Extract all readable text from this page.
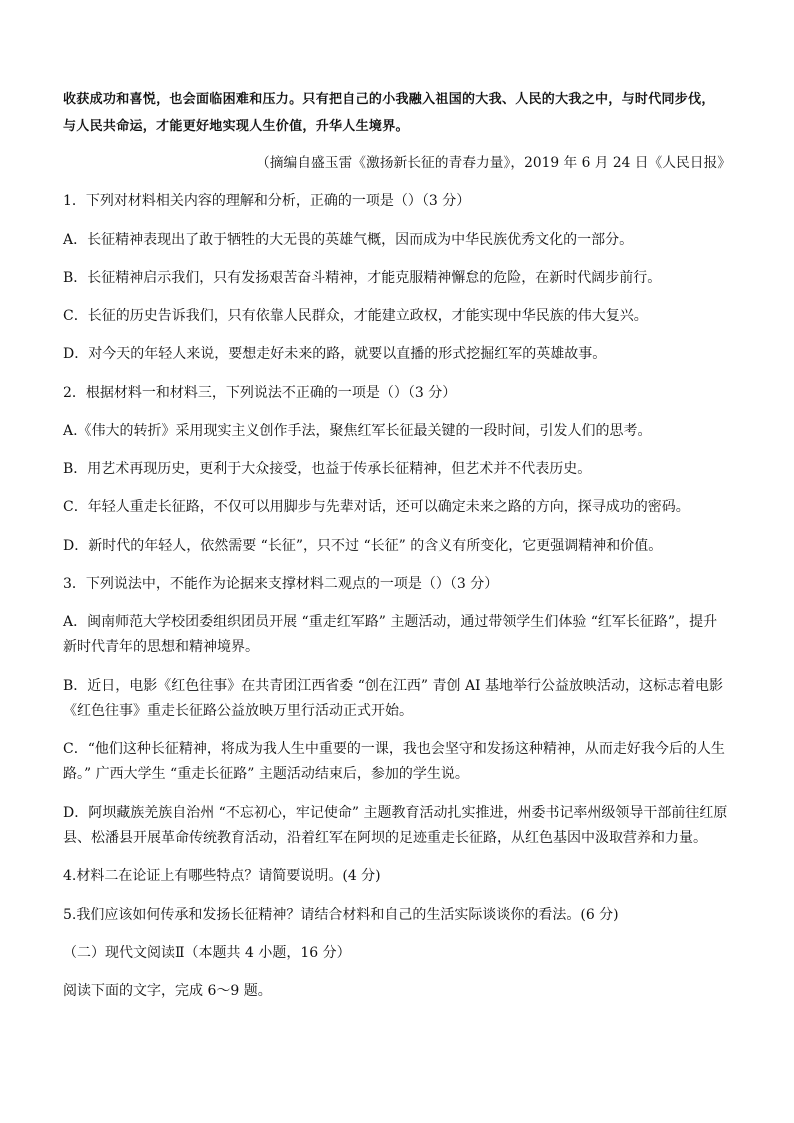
收获成功和喜悦，也会面临困难和压力。只有把自己的小我融入祖国的大我、人民的大我之中，与时代同步伐，
与人民共命运，才能更好地实现人生价值，升华人生境界。
（摘编自盛玉雷《激扬新长征的青春力量》，2019 年 6 月 24 日《人民日报》
1．下列对材料相关内容的理解和分析，正确的一项是（）（3 分）
A．长征精神表现出了敢于牺牲的大无畏的英雄气概，因而成为中华民族优秀文化的一部分。
B．长征精神启示我们，只有发扬艰苦奋斗精神，才能克服精神懈怠的危险，在新时代阔步前行。
C．长征的历史告诉我们，只有依靠人民群众，才能建立政权，才能实现中华民族的伟大复兴。
D．对今天的年轻人来说，要想走好未来的路，就要以直播的形式挖掘红军的英雄故事。
2．根据材料一和材料三，下列说法不正确的一项是（）（3 分）
A.《伟大的转折》采用现实主义创作手法，聚焦红军长征最关键的一段时间，引发人们的思考。
B．用艺术再现历史，更利于大众接受，也益于传承长征精神，但艺术并不代表历史。
C．年轻人重走长征路，不仅可以用脚步与先辈对话，还可以确定未来之路的方向，探寻成功的密码。
D．新时代的年轻人，依然需要 “长征”，只不过 “长征” 的含义有所变化，它更强调精神和价值。
3．下列说法中，不能作为论据来支撑材料二观点的一项是（）（3 分）
A．闽南师范大学校团委组织团员开展 “重走红军路” 主题活动，通过带领学生们体验 “红军长征路”，提升
新时代青年的思想和精神境界。
B．近日，电影《红色往事》在共青团江西省委 “创在江西” 青创 AI 基地举行公益放映活动，这标志着电影
《红色往事》重走长征路公益放映万里行活动正式开始。
C．“他们这种长征精神，将成为我人生中重要的一课，我也会坚守和发扬这种精神，从而走好我今后的人生
路。” 广西大学生 “重走长征路” 主题活动结束后，参加的学生说。
D．阿坝藏族羌族自治州 “不忘初心，牢记使命” 主题教育活动扎实推进，州委书记率州级领导干部前往红原
县、松潘县开展革命传统教育活动，沿着红军在阿坝的足迹重走长征路，从红色基因中汲取营养和力量。
4.材料二在论证上有哪些特点？请简要说明。(4 分)
5.我们应该如何传承和发扬长征精神？请结合材料和自己的生活实际谈谈你的看法。(6 分)
（二）现代文阅读Ⅱ（本题共 4 小题，16 分）
阅读下面的文字，完成 6～9 题。
